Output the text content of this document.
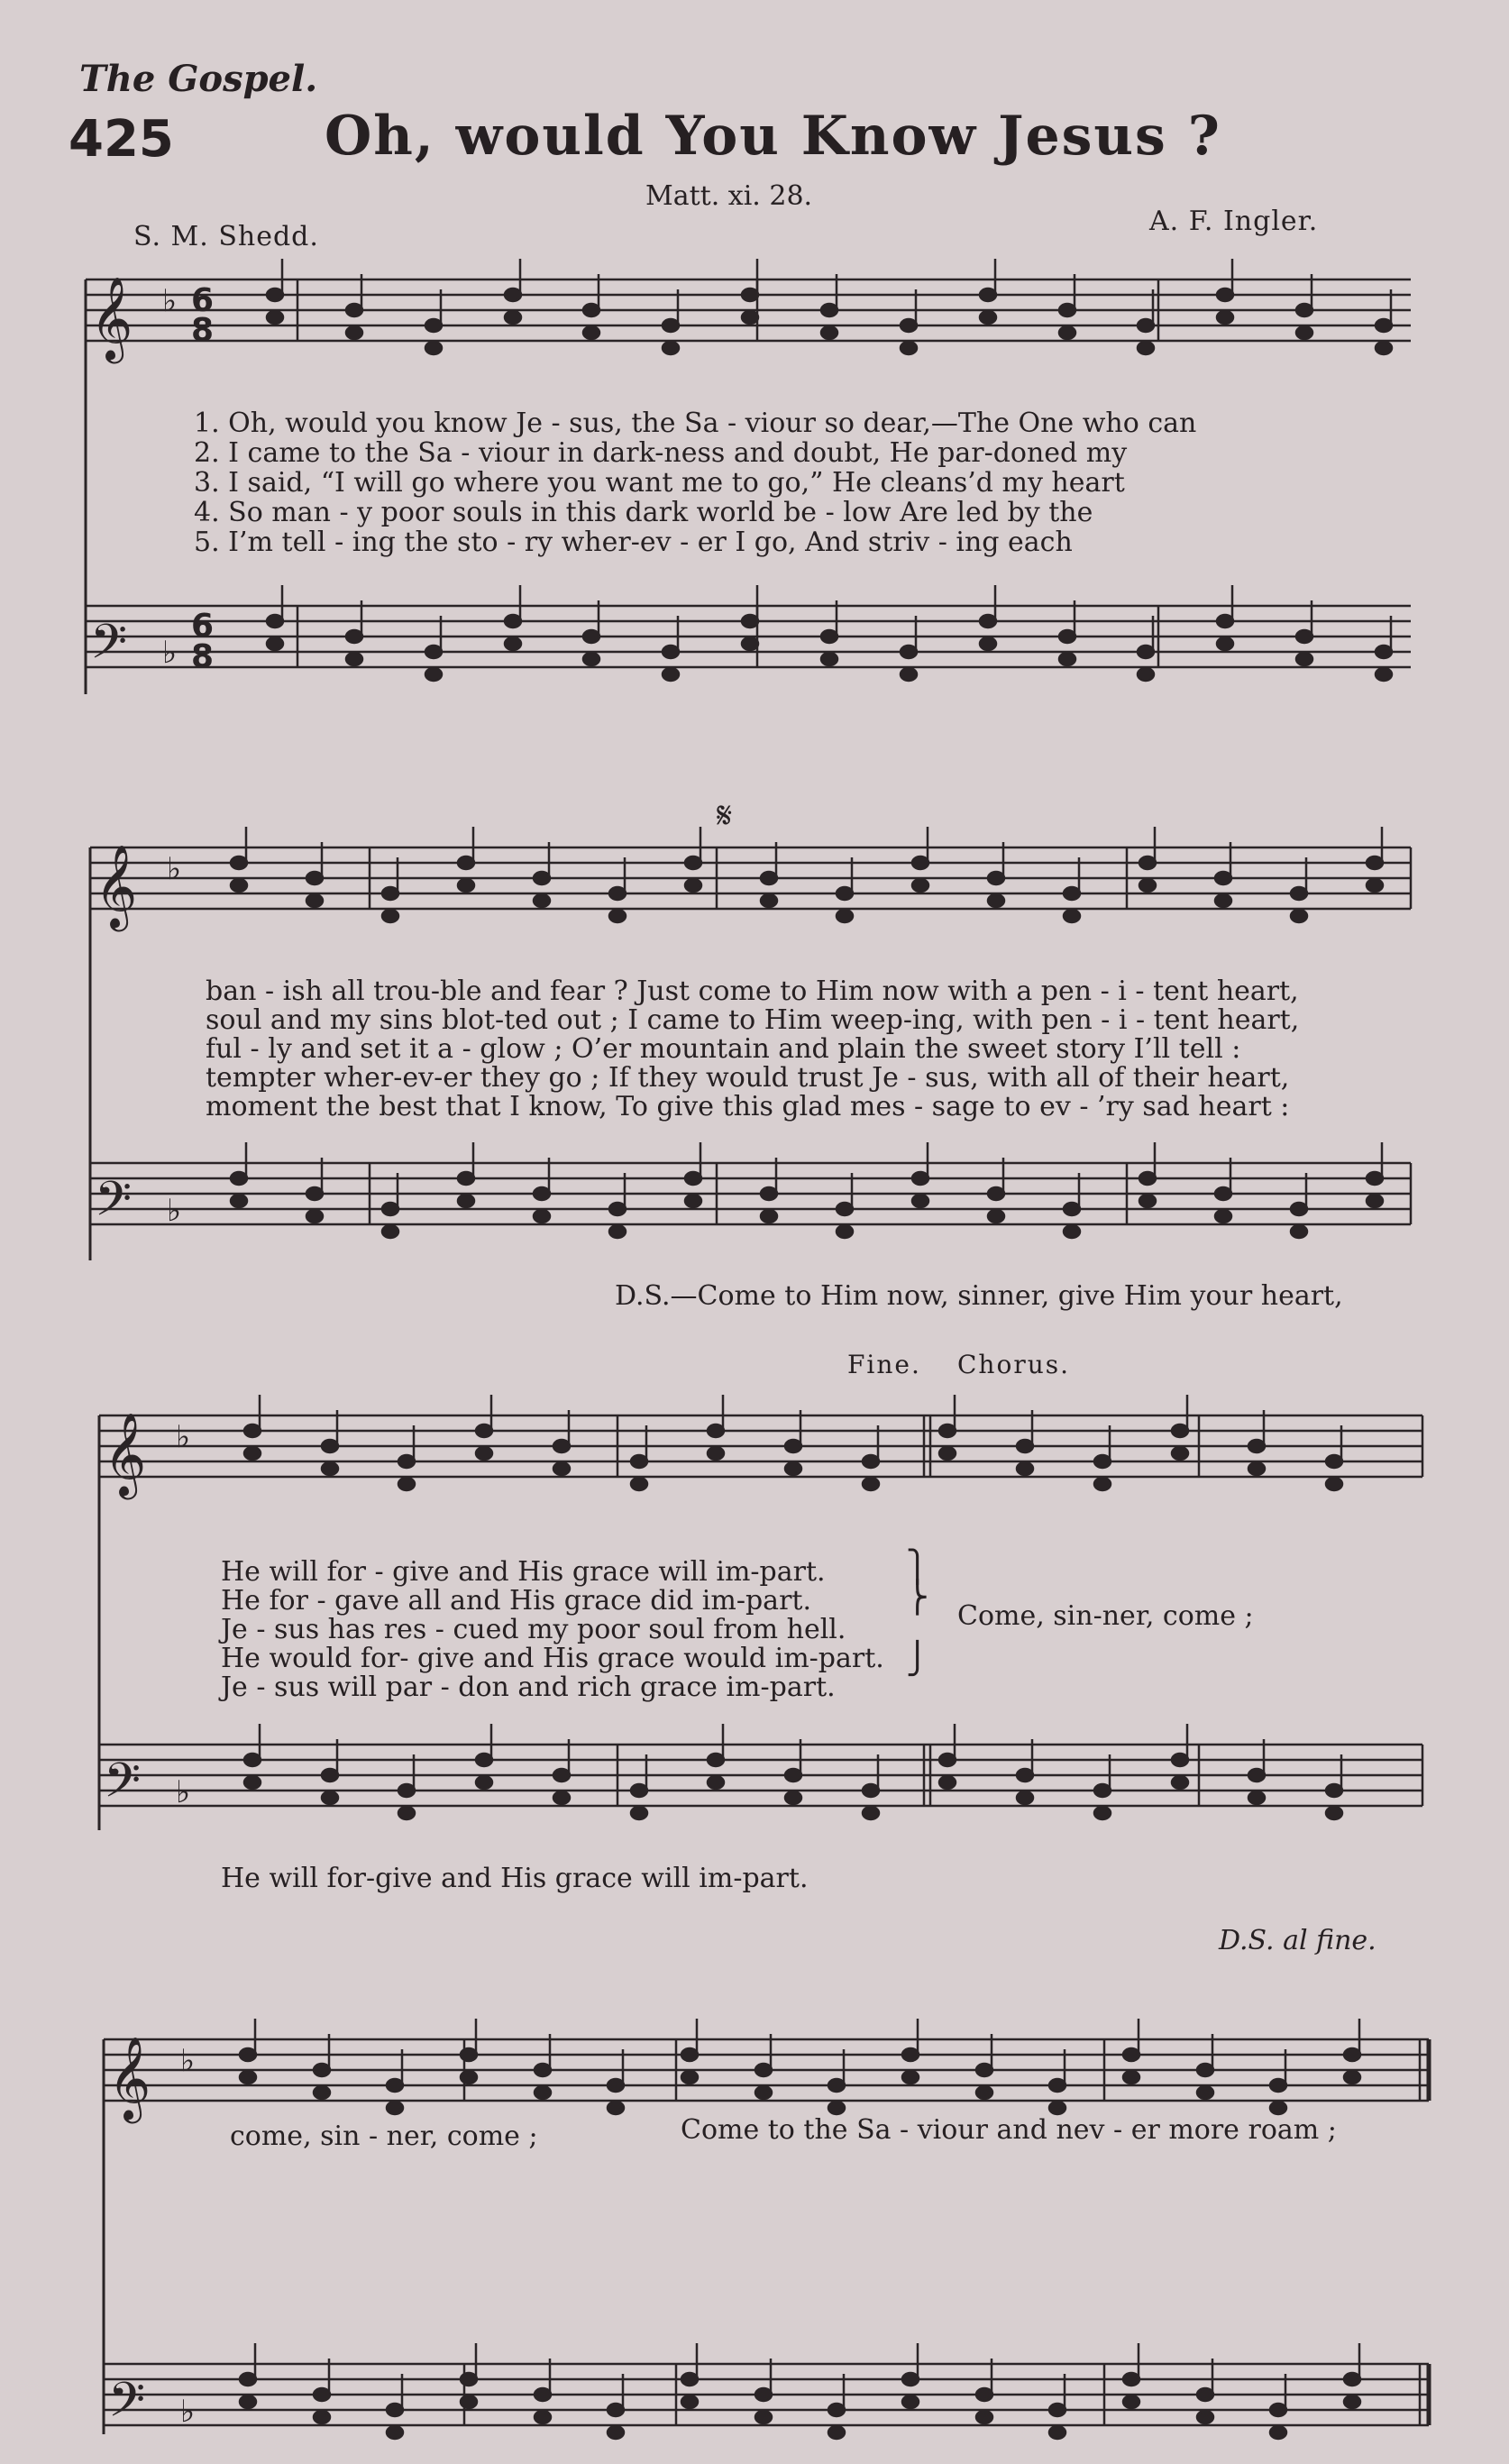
The Gospel.
425	Oh, would You Know Jesus ?
Matt. xi. 28.
S. M. Shedd.	A. F. Ingler.
𝄞 ♭ 6
8
𝄢 ♭
6
8
𝄞 ♭
𝄢 ♭
𝄞 ♭
𝄢 ♭
𝄞 ♭
𝄢 ♭
1. Oh, would you know Je - sus, the Sa - viour so dear,—The One who can
2. I came to the Sa - viour in dark-ness and doubt, He par-doned my
3. I said, “I will go where you want me to go,” He cleans’d my heart
4. So man - y poor souls in this dark world be - low Are led by the
5. I’m tell - ing the sto - ry wher-ev - er I go, And striv - ing each
𝄋
ban - ish all trou-ble and fear ? Just come to Him now with a pen - i - tent heart,
soul and my sins blot-ted out ; I came to Him weep-ing, with pen - i - tent heart,
ful - ly and set it a - glow ; O’er mountain and plain the sweet story I’ll tell :
tempter wher-ev-er they go ; If they would trust Je - sus, with all of their heart,
moment the best that I know, To give this glad mes - sage to ev - ’ry sad heart :
D.S.—Come to Him now, sinner, give Him your heart,
Fine. Chorus.
He will for - give and His grace will im-part.
He for - gave all and His grace did im-part.
Je - sus has res - cued my poor soul from hell.
He would for- give and His grace would im-part.
Je - sus will par - don and rich grace im-part.
⎫
⎬
⎭
Come, sin-ner, come ;
He will for-give and His grace will im-part.
D.S. al fine.
come, sin - ner, come ;	Come to the Sa - viour and nev - er more roam ;
